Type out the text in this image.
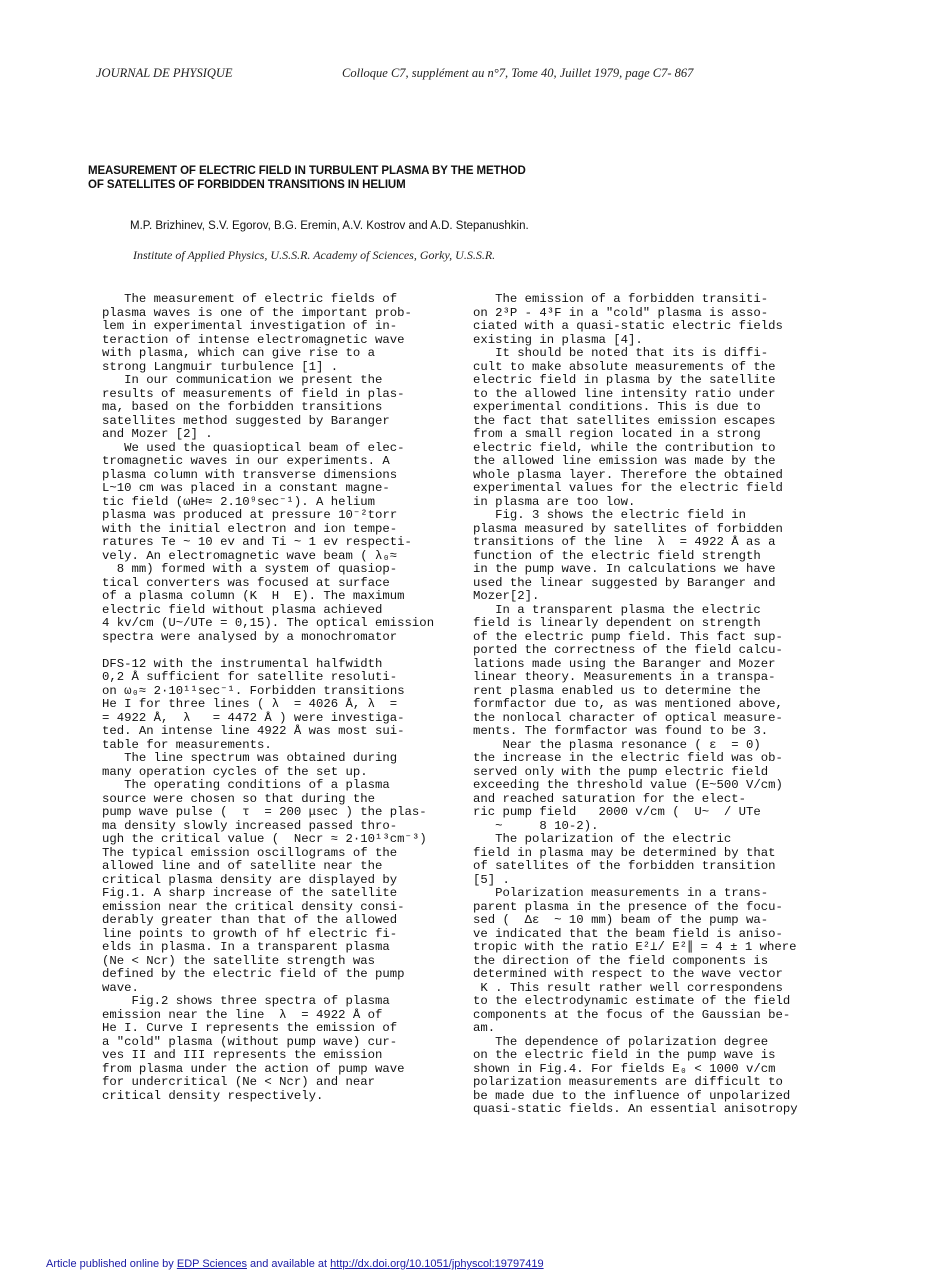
JOURNAL DE PHYSIQUE	Colloque C7, supplément au n°7, Tome 40, Juillet 1979, page C7- 867
MEASUREMENT OF ELECTRIC FIELD IN TURBULENT PLASMA BY THE METHOD
OF SATELLITES OF FORBIDDEN TRANSITIONS IN HELIUM
M.P. Brizhinev, S.V. Egorov, B.G. Eremin, A.V. Kostrov and A.D. Stepanushkin.
Institute of Applied Physics, U.S.S.R. Academy of Sciences, Gorky, U.S.S.R.
The measurement of electric fields of
plasma waves is one of the important prob-
lem in experimental investigation of in-
teraction of intense electromagnetic wave
with plasma, which can give rise to a
strong Langmuir turbulence [1] .
In our communication we present the
results of measurements of field in plas-
ma, based on the forbidden transitions
satellites method suggested by Baranger
and Mozer [2] .
We used the quasioptical beam of elec-
tromagnetic waves in our experiments. A
plasma column with transverse dimensions
L~10 cm was placed in a constant magne-
tic field (ωHe≈ 2.10⁹sec⁻¹). A helium
plasma was produced at pressure 10⁻²torr
with the initial electron and ion tempe-
ratures Te ~ 10 ev and Ti ~ 1 ev respecti-
vely. An electromagnetic wave beam ( λ₀≈
8 mm) formed with a system of quasiop-
tical converters was focused at surface
of a plasma column (K  H  E). The maximum
electric field without plasma achieved
4 kv/cm (U~/UTe = 0,15). The optical emission
spectra were analysed by a monochromator
DFS-12 with the instrumental halfwidth
0,2 Å sufficient for satellite resoluti-
on ω₀≈ 2·10¹¹sec⁻¹. Forbidden transitions
He I for three lines ( λ  = 4026 Å, λ  =
= 4922 Å,  λ   = 4472 Å ) were investiga-
ted. An intense line 4922 Å was most sui-
table for measurements.
The line spectrum was obtained during
many operation cycles of the set up.
The operating conditions of a plasma
source were chosen so that during the
pump wave pulse (  τ  = 200 μsec ) the plas-
ma density slowly increased passed thro-
ugh the critical value (  Necr ≈ 2·10¹³cm⁻³)
The typical emission oscillograms of the
allowed line and of satellite near the
critical plasma density are displayed by
Fig.1. A sharp increase of the satellite
emission near the critical density consi-
derably greater than that of the allowed
line points to growth of hf electric fi-
elds in plasma. In a transparent plasma
(Ne < Ncr) the satellite strength was
defined by the electric field of the pump
wave.
Fig.2 shows three spectra of plasma
emission near the line  λ  = 4922 Å of
He I. Curve I represents the emission of
a "cold" plasma (without pump wave) cur-
ves II and III represents the emission
from plasma under the action of pump wave
for undercritical (Ne < Ncr) and near
critical density respectively.
The emission of a forbidden transiti-
on 2³P - 4³F in a "cold" plasma is asso-
ciated with a quasi-static electric fields
existing in plasma [4].
It should be noted that its is diffi-
cult to make absolute measurements of the
electric field in plasma by the satellite
to the allowed line intensity ratio under
experimental conditions. This is due to
the fact that satellites emission escapes
from a small region located in a strong
electric field, while the contribution to
the allowed line emission was made by the
whole plasma layer. Therefore the obtained
experimental values for the electric field
in plasma are too low.
Fig. 3 shows the electric field in
plasma measured by satellites of forbidden
transitions of the line  λ  = 4922 Å as a
function of the electric field strength
in the pump wave. In calculations we have
used the linear suggested by Baranger and
Mozer[2].
In a transparent plasma the electric
field is linearly dependent on strength
of the electric pump field. This fact sup-
ported the correctness of the field calcu-
lations made using the Baranger and Mozer
linear theory. Measurements in a transpa-
rent plasma enabled us to determine the
formfactor due to, as was mentioned above,
the nonlocal character of optical measure-
ments. The formfactor was found to be 3.
Near the plasma resonance ( ε  = 0)
the increase in the electric field was ob-
served only with the pump electric field
exceeding the threshold value (E~500 V/cm)
and reached saturation for the elect-
ric pump field   2000 v/cm (  U~  / UTe
~     8 10-2).
The polarization of the electric
field in plasma may be determined by that
of satellites of the forbidden transition
[5] .
Polarization measurements in a trans-
parent plasma in the presence of the focu-
sed (  Δε  ~ 10 mm) beam of the pump wa-
ve indicated that the beam field is aniso-
tropic with the ratio E²⊥/ E²∥ = 4 ± 1 where
the direction of the field components is
determined with respect to the wave vector
K . This result rather well correspondens
to the electrodynamic estimate of the field
components at the focus of the Gaussian be-
am.
The dependence of polarization degree
on the electric field in the pump wave is
shown in Fig.4. For fields E₀ < 1000 v/cm
polarization measurements are difficult to
be made due to the influence of unpolarized
quasi-static fields. An essential anisotropy
Article published online by EDP Sciences and available at http://dx.doi.org/10.1051/jphyscol:19797419
